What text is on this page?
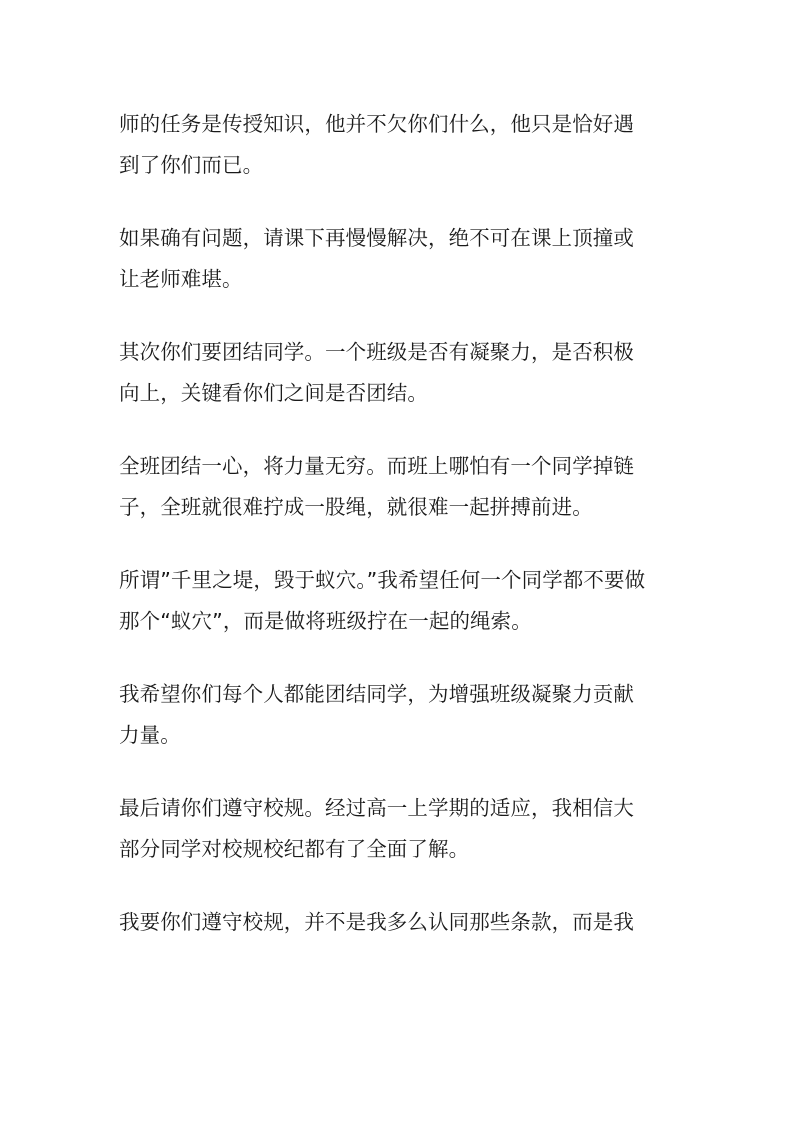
师的任务是传授知识，他并不欠你们什么，他只是恰好遇
到了你们而已。

如果确有问题，请课下再慢慢解决，绝不可在课上顶撞或
让老师难堪。

其次你们要团结同学。一个班级是否有凝聚力，是否积极
向上，关键看你们之间是否团结。

全班团结一心，将力量无穷。而班上哪怕有一个同学掉链
子，全班就很难拧成一股绳，就很难一起拼搏前进。

所谓”千里之堤，毁于蚁穴。”我希望任何一个同学都不要做
那个“蚁穴”，而是做将班级拧在一起的绳索。

我希望你们每个人都能团结同学，为增强班级凝聚力贡献
力量。

最后请你们遵守校规。经过高一上学期的适应，我相信大
部分同学对校规校纪都有了全面了解。

我要你们遵守校规，并不是我多么认同那些条款，而是我
